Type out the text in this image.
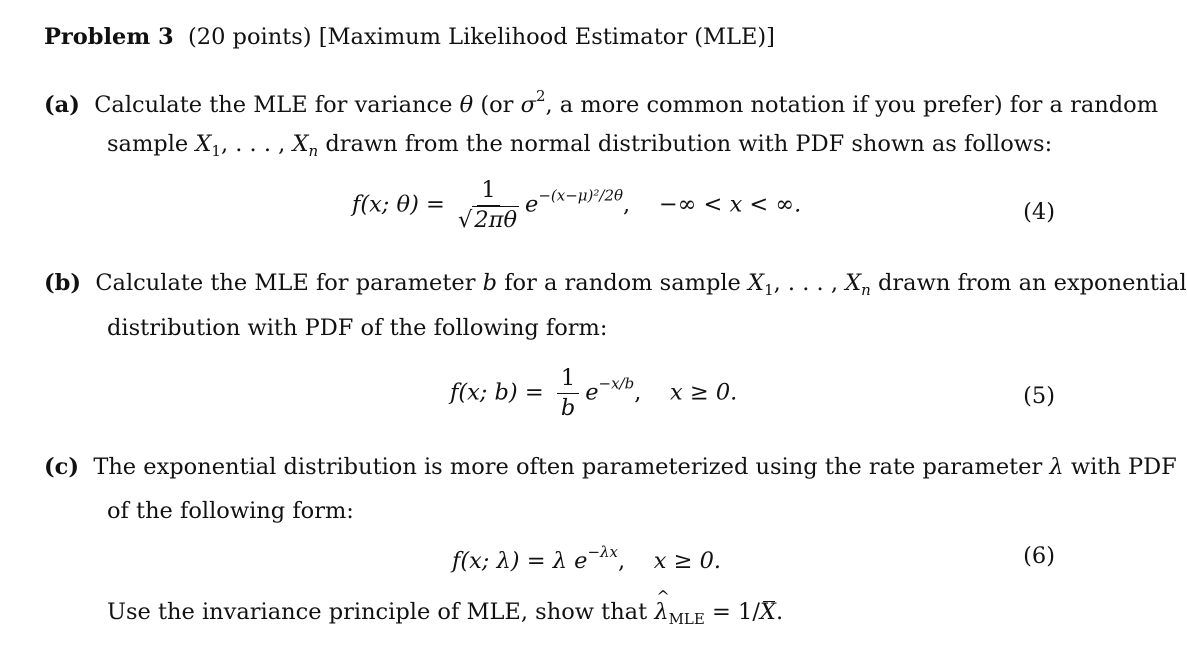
Problem 3 (20 points) [Maximum Likelihood Estimator (MLE)]
(a) Calculate the MLE for variance θ (or $\sigma^2$, a more common notation if you prefer) for a random
sample $X_1$, . . . , $X_n$ drawn from the normal distribution with PDF shown as follows:
f(x; $\theta) = \frac{1}{√2\pi\theta} e^{-(x-\mu)^2/2\theta}$,    −∞ < x < ∞.	(4)
(b) Calculate the MLE for parameter b for a random sample $X_1$, . . . , $X_n$ drawn from an exponential
distribution with PDF of the following form:
f(x; $b) = \frac{1}{b} e^{-x/b}$,    x ≥ 0.	(5)
(c) The exponential distribution is more often parameterized using the rate parameter λ with PDF
of the following form:
f(x; λ) = λ $e^{-\lambda x}$,    x ≥ 0.	(6)
Use the invariance principle of MLE, show that ^ $\lambda_{MLE} = 1/X$.
